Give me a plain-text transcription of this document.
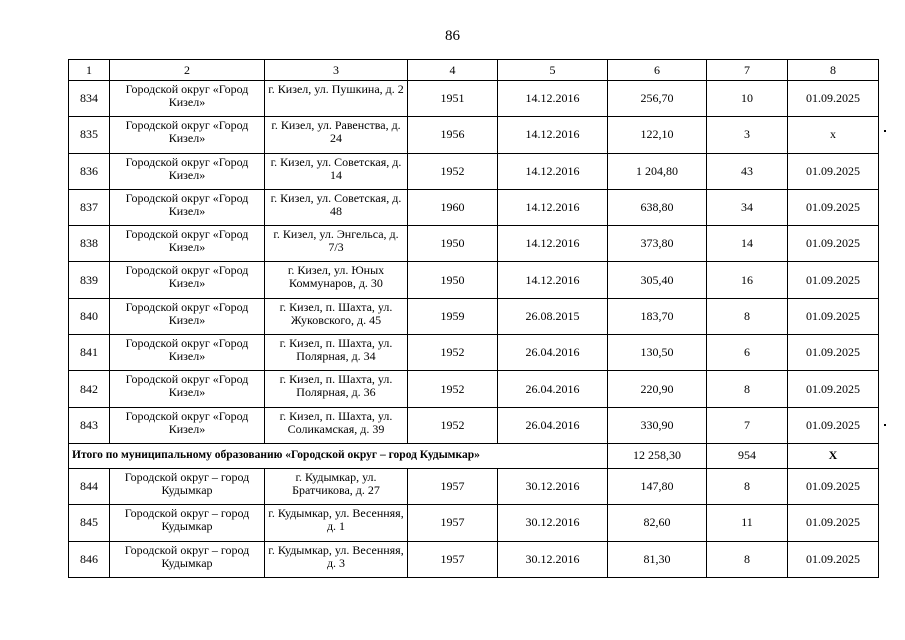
86
1	2	3	4	5	6	7	8
834	Городской округ «Город Кизел»	г. Кизел, ул. Пушкина, д. 2	1951	14.12.2016	256,70	10	01.09.2025
835	Городской округ «Город Кизел»	г. Кизел, ул. Равенства, д. 24	1956	14.12.2016	122,10	3	х
836	Городской округ «Город Кизел»	г. Кизел, ул. Советская, д. 14	1952	14.12.2016	1 204,80	43	01.09.2025
837	Городской округ «Город Кизел»	г. Кизел, ул. Советская, д. 48	1960	14.12.2016	638,80	34	01.09.2025
838	Городской округ «Город Кизел»	г. Кизел, ул. Энгельса, д. 7/3	1950	14.12.2016	373,80	14	01.09.2025
839	Городской округ «Город Кизел»	г. Кизел, ул. Юных Коммунаров, д. 30	1950	14.12.2016	305,40	16	01.09.2025
840	Городской округ «Город Кизел»	г. Кизел, п. Шахта, ул. Жуковского, д. 45	1959	26.08.2015	183,70	8	01.09.2025
841	Городской округ «Город Кизел»	г. Кизел, п. Шахта, ул. Полярная, д. 34	1952	26.04.2016	130,50	6	01.09.2025
842	Городской округ «Город Кизел»	г. Кизел, п. Шахта, ул. Полярная, д. 36	1952	26.04.2016	220,90	8	01.09.2025
843	Городской округ «Город Кизел»	г. Кизел, п. Шахта, ул. Соликамская, д. 39	1952	26.04.2016	330,90	7	01.09.2025
Итого по муниципальному образованию «Городской округ – город Кудымкар»					12 258,30	954	Х
844	Городской округ – город Кудымкар	г. Кудымкар, ул. Братчикова, д. 27	1957	30.12.2016	147,80	8	01.09.2025
845	Городской округ – город Кудымкар	г. Кудымкар, ул. Весенняя, д. 1	1957	30.12.2016	82,60	11	01.09.2025
846	Городской округ – город Кудымкар	г. Кудымкар, ул. Весенняя, д. 3	1957	30.12.2016	81,30	8	01.09.2025
